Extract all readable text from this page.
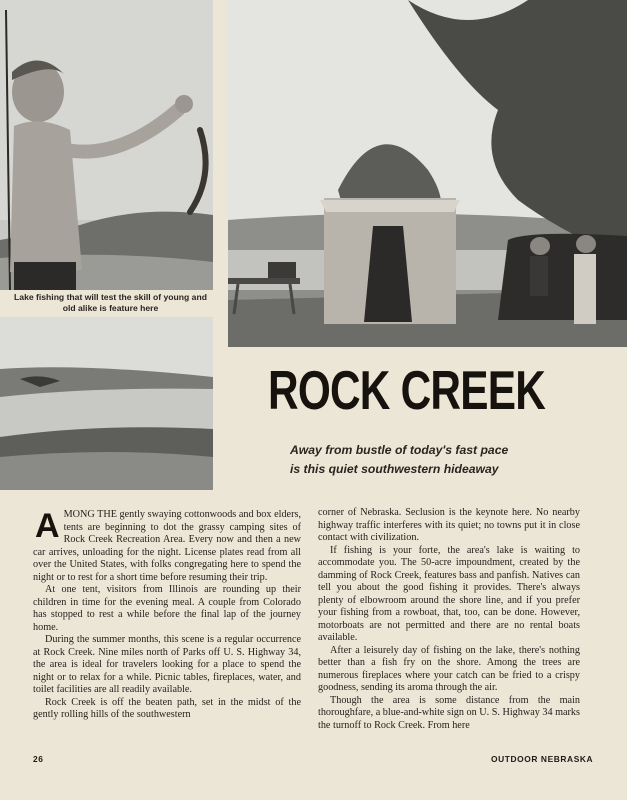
Lake fishing that will test the skill of young and old alike is feature here
ROCK CREEK
Away from bustle of today's fast pace
is this quiet southwestern hideaway

AMONG THE gently swaying cottonwoods and box elders, tents are beginning to dot the grassy camping sites of Rock Creek Recreation Area. Every now and then a new car arrives, unloading for the night. License plates read from all over the United States, with folks congregating here to spend the night or to rest for a short time before resuming their trip.

At one tent, visitors from Illinois are rounding up their children in time for the evening meal. A couple from Colorado has stopped to rest a while before the final lap of the journey home.

During the summer months, this scene is a regular occurrence at Rock Creek. Nine miles north of Parks off U. S. Highway 34, the area is ideal for travelers looking for a place to spend the night or to relax for a while. Picnic tables, fireplaces, water, and toilet facilities are all readily available.

Rock Creek is off the beaten path, set in the midst of the gently rolling hills of the southwestern

corner of Nebraska. Seclusion is the keynote here. No nearby highway traffic interferes with its quiet; no towns put it in close contact with civilization.

If fishing is your forte, the area's lake is waiting to accommodate you. The 50-acre impoundment, created by the damming of Rock Creek, features bass and panfish. Natives can tell you about the good fishing it provides. There's always plenty of elbowroom around the shore line, and if you prefer your fishing from a rowboat, that, too, can be done. However, motorboats are not permitted and there are no rental boats available.

After a leisurely day of fishing on the lake, there's nothing better than a fish fry on the shore. Among the trees are numerous fireplaces where your catch can be fried to a crispy goodness, sending its aroma through the air.

Though the area is some distance from the main thoroughfare, a blue-and-white sign on U. S. Highway 34 marks the turnoff to Rock Creek. From here

26	OUTDOOR NEBRASKA
